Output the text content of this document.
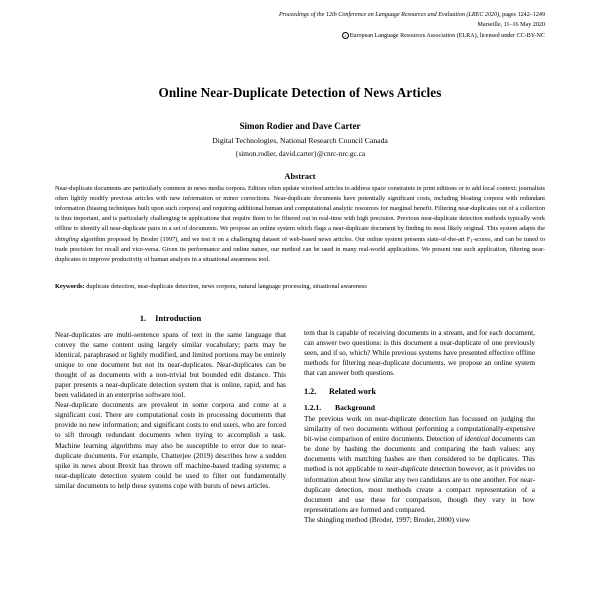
Proceedings of the 12th Conference on Language Resources and Evaluation (LREC 2020), pages 1242–1249
Marseille, 11–16 May 2020
c European Language Resources Association (ELRA), licensed under CC-BY-NC
Online Near-Duplicate Detection of News Articles
Simon Rodier and Dave Carter
Digital Technologies, National Research Council Canada
{simon.rodier, david.carter}@cnrc-nrc.gc.ca
Abstract

Near-duplicate documents are particularly common in news media corpora. Editors often update wirefeed articles to address space constraints in print editions or to add local context; journalists often lightly modify previous articles with new information or minor corrections. Near-duplicate documents have potentially significant costs, including bloating corpora with redundant information (biasing techniques built upon such corpora) and requiring additional human and computational analytic resources for marginal benefit. Filtering near-duplicates out of a collection is thus important, and is particularly challenging in applications that require them to be filtered out in real-time with high precision. Previous near-duplicate detection methods typically work offline to identify all near-duplicate pairs in a set of documents. We propose an online system which flags a near-duplicate document by finding its most likely original. This system adapts the shingling algorithm proposed by Broder (1997), and we test it on a challenging dataset of web-based news articles. Our online system presents state-of-the-art $F_1$-scores, and can be tuned to trade precision for recall and vice-versa. Given its performance and online nature, our method can be used in many real-world applications. We present one such application, filtering near-duplicates to improve productivity of human analysts in a situational awareness tool.

Keywords: duplicate detection, near-duplicate detection, news corpora, natural language processing, situational awareness

1. Introduction

Near-duplicates are multi-sentence spans of text in the same language that convey the same content using largely similar vocabulary; parts may be identical, paraphrased or lightly modified, and limited portions may be entirely unique to one document but not its near-duplicates. Near-duplicates can be thought of as documents with a non-trivial but bounded edit distance. This paper presents a near-duplicate detection system that is online, rapid, and has been validated in an enterprise software tool.

Near-duplicate documents are prevalent in some corpora and come at a significant cost. There are computational costs in processing documents that provide no new information; and significant costs to end users, who are forced to sift through redundant documents when trying to accomplish a task. Machine learning algorithms may also be susceptible to error due to near-duplicate documents. For example, Chatterjee (2019) describes how a sudden spike in news about Brexit has thrown off machine-based trading systems; a near-duplicate detection system could be used to filter out fundamentally similar documents to help these systems cope with bursts of news articles.

tem that is capable of receiving documents in a stream, and for each document, can answer two questions: is this document a near-duplicate of one previously seen, and if so, which? While previous systems have presented effective offline methods for filtering near-duplicate documents, we propose an online system that can answer both questions.

1.2. Related work
1.2.1. Background

The previous work on near-duplicate detection has focussed on judging the similarity of two documents without performing a computationally-expensive bit-wise comparison of entire documents. Detection of identical documents can be done by hashing the documents and comparing the hash values: any documents with matching hashes are then considered to be duplicates. This method is not applicable to near-duplicate detection however, as it provides no information about how similar any two candidates are to one another. For near-duplicate detection, most methods create a compact representation of a document and use these for comparison, though they vary in how representations are formed and compared.

The shingling method (Broder, 1997; Broder, 2000) view
